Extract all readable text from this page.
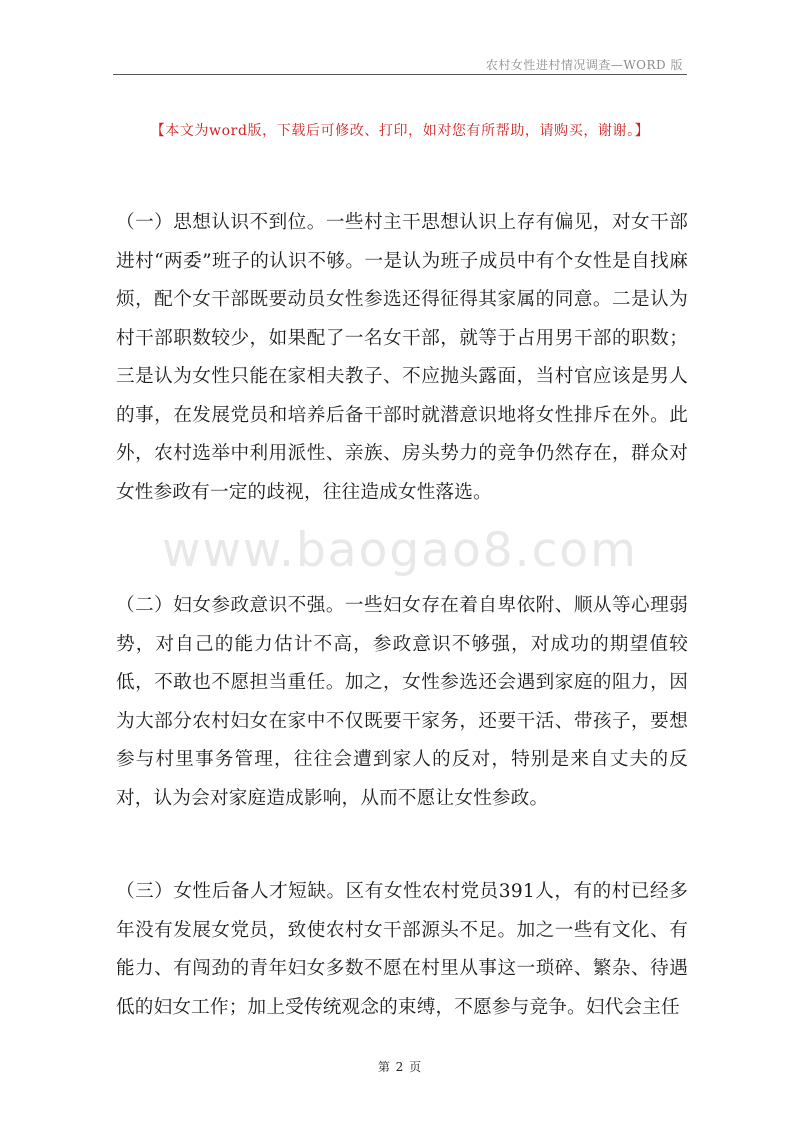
农村女性进村情况调查—WORD 版
【本文为word版，下载后可修改、打印，如对您有所帮助，请购买，谢谢。】
www.baogao8.com

（一）思想认识不到位。一些村主干思想认识上存有偏见，对女干部进村“两委”班子的认识不够。一是认为班子成员中有个女性是自找麻烦，配个女干部既要动员女性参选还得征得其家属的同意。二是认为村干部职数较少，如果配了一名女干部，就等于占用男干部的职数；三是认为女性只能在家相夫教子、不应抛头露面，当村官应该是男人的事，在发展党员和培养后备干部时就潜意识地将女性排斥在外。此外，农村选举中利用派性、亲族、房头势力的竞争仍然存在，群众对女性参政有一定的歧视，往往造成女性落选。

（二）妇女参政意识不强。一些妇女存在着自卑依附、顺从等心理弱势，对自己的能力估计不高，参政意识不够强，对成功的期望值较低，不敢也不愿担当重任。加之，女性参选还会遇到家庭的阻力，因为大部分农村妇女在家中不仅既要干家务，还要干活、带孩子，要想参与村里事务管理，往往会遭到家人的反对，特别是来自丈夫的反对，认为会对家庭造成影响，从而不愿让女性参政。

（三）女性后备人才短缺。区有女性农村党员391人，有的村已经多年没有发展女党员，致使农村女干部源头不足。加之一些有文化、有能力、有闯劲的青年妇女多数不愿在村里从事这一琐碎、繁杂、待遇低的妇女工作；加上受传统观念的束缚，不愿参与竞争。妇代会主任

第 2 页
